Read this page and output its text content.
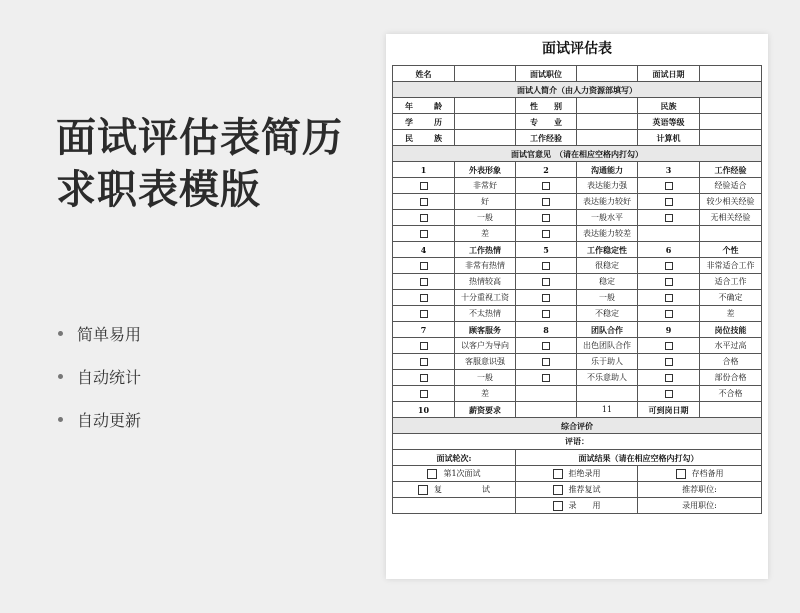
面试评估表简历
求职表模版
简单易用
自动统计
自动更新
面试评估表
姓名		面试职位		面试日期	
面试人简介（由人力资源部填写）					

年 龄		性　　别		民族	

学 历		专　　业		英语等级	

民 族		工作经验		计算机	
面试官意见　（请在相应空格内打勾）					
1	外表形象	2	沟通能力	3	工作经验
	非常好		表达能力强		经验适合
	好		表达能力较好		较少相关经验
	一般		一般水平		无相关经验
	差		表达能力较差		
4	工作热情	5	工作稳定性	6	个性
	非常有热情		很稳定		非常适合工作
	热情较高		稳定		适合工作
	十分重视工资		一般		不确定
	不太热情		不稳定		差
7	顾客服务	8	团队合作	9	岗位技能
	以客户为导向		出色团队合作		水平过高
	客服意识强		乐于助人		合格
	一般		不乐意助人		部份合格
	差				不合格
10	薪资要求		11	可到岗日期	
综合评价					
评语：					
面试轮次:		面试结果（请在相应空格内打勾）			
第1次面试		拒绝录用		存档备用	
复 试		推荐复试		推荐职位:	
		录　　用		录用职位:	
